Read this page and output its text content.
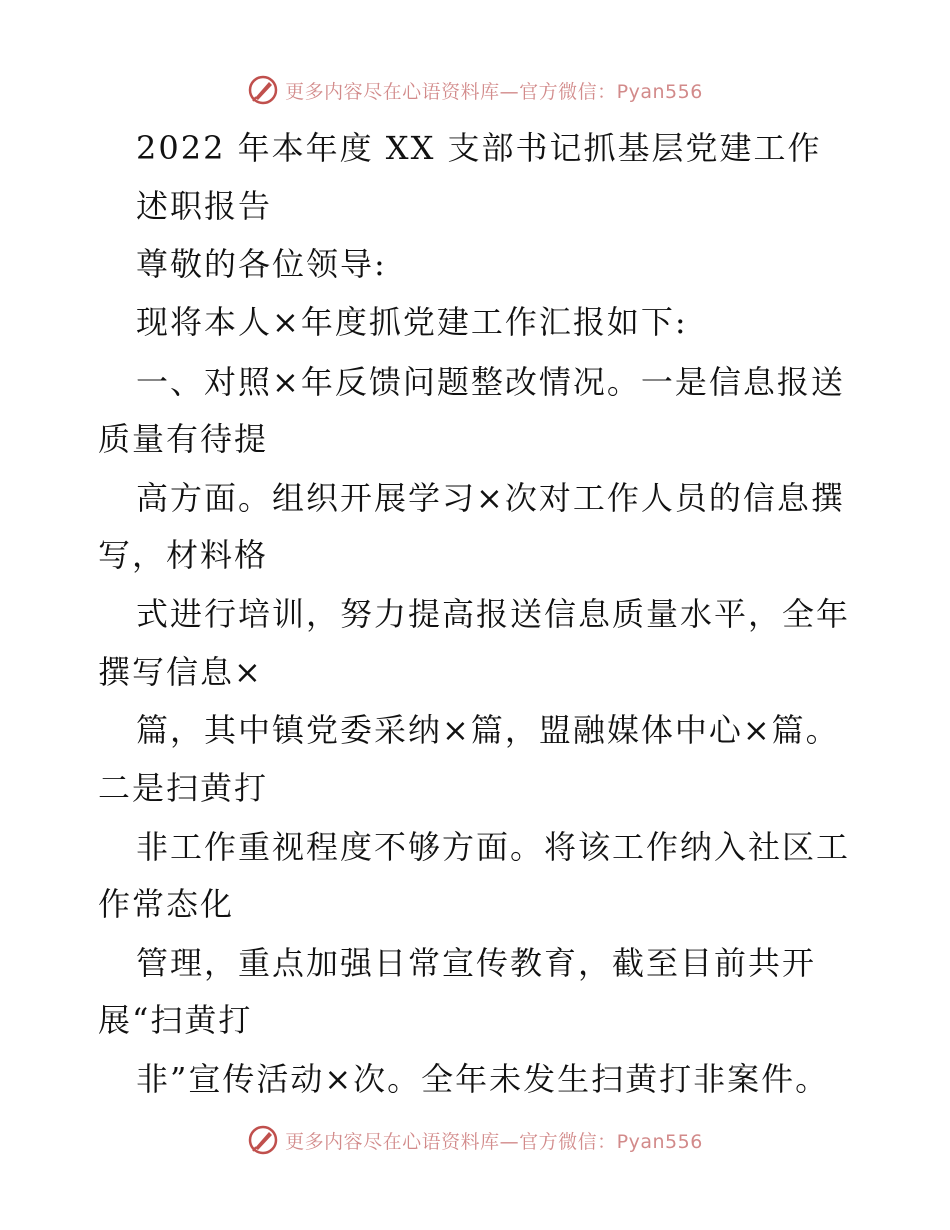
更多内容尽在心语资料库—官方微信：Pyan556
2022 年本年度 XX 支部书记抓基层党建工作
述职报告
尊敬的各位领导:
现将本人×年度抓党建工作汇报如下:
一、对照×年反馈问题整改情况。一是信息报送
质量有待提
高方面。组织开展学习×次对工作人员的信息撰
写，材料格
式进行培训，努力提高报送信息质量水平，全年
撰写信息×
篇，其中镇党委采纳×篇，盟融媒体中心×篇。
二是扫黄打
非工作重视程度不够方面。将该工作纳入社区工
作常态化
管理，重点加强日常宣传教育，截至目前共开
展“扫黄打
非”宣传活动×次。全年未发生扫黄打非案件。
更多内容尽在心语资料库—官方微信：Pyan556
